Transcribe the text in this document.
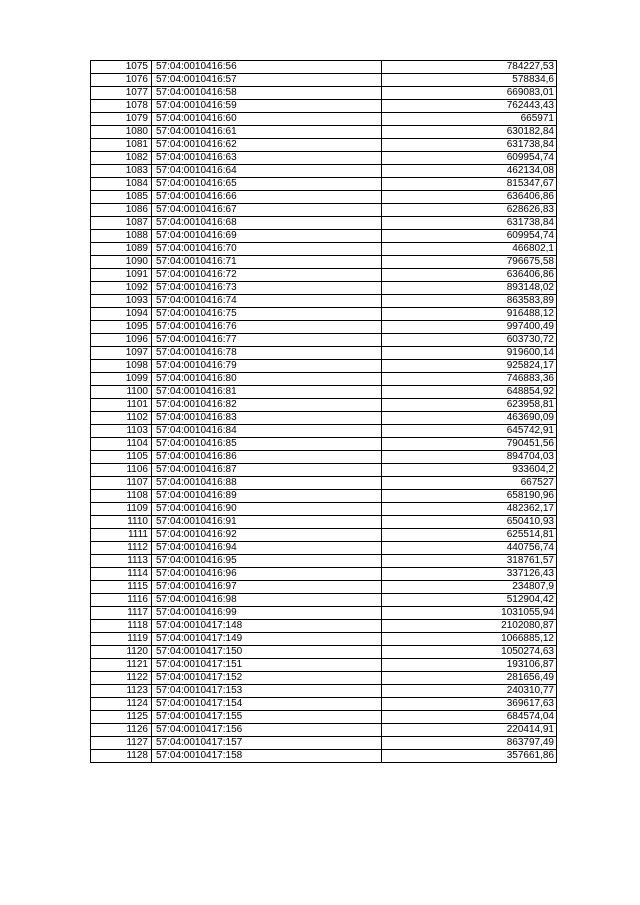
1075	57:04:0010416:56	784227,53
1076	57:04:0010416:57	578834,6
1077	57:04:0010416:58	669083,01
1078	57:04:0010416:59	762443,43
1079	57:04:0010416:60	665971
1080	57:04:0010416:61	630182,84
1081	57:04:0010416:62	631738,84
1082	57:04:0010416:63	609954,74
1083	57:04:0010416:64	462134,08
1084	57:04:0010416:65	815347,67
1085	57:04:0010416:66	636406,86
1086	57:04:0010416:67	628626,83
1087	57:04:0010416:68	631738,84
1088	57:04:0010416:69	609954,74
1089	57:04:0010416:70	466802,1
1090	57:04:0010416:71	796675,58
1091	57:04:0010416:72	636406,86
1092	57:04:0010416:73	893148,02
1093	57:04:0010416:74	863583,89
1094	57:04:0010416:75	916488,12
1095	57:04:0010416:76	997400,49
1096	57:04:0010416:77	603730,72
1097	57:04:0010416:78	919600,14
1098	57:04:0010416:79	925824,17
1099	57:04:0010416:80	746883,36
1100	57:04:0010416:81	648854,92
1101	57:04:0010416:82	623958,81
1102	57:04:0010416:83	463690,09
1103	57:04:0010416:84	645742,91
1104	57:04:0010416:85	790451,56
1105	57:04:0010416:86	894704,03
1106	57:04:0010416:87	933604,2
1107	57:04:0010416:88	667527
1108	57:04:0010416:89	658190,96
1109	57:04:0010416:90	482362,17
1110	57:04:0010416:91	650410,93
1111	57:04:0010416:92	625514,81
1112	57:04:0010416:94	440756,74
1113	57:04:0010416:95	318761,57
1114	57:04:0010416:96	337126,43
1115	57:04:0010416:97	234807,9
1116	57:04:0010416:98	512904,42
1117	57:04:0010416:99	1031055,94
1118	57:04:0010417:148	2102080,87
1119	57:04:0010417:149	1066885,12
1120	57:04:0010417:150	1050274,63
1121	57:04:0010417:151	193106,87
1122	57:04:0010417:152	281656,49
1123	57:04:0010417:153	240310,77
1124	57:04:0010417:154	369617,63
1125	57:04:0010417:155	684574,04
1126	57:04:0010417:156	220414,91
1127	57:04:0010417:157	863797,49
1128	57:04:0010417:158	357661,86
